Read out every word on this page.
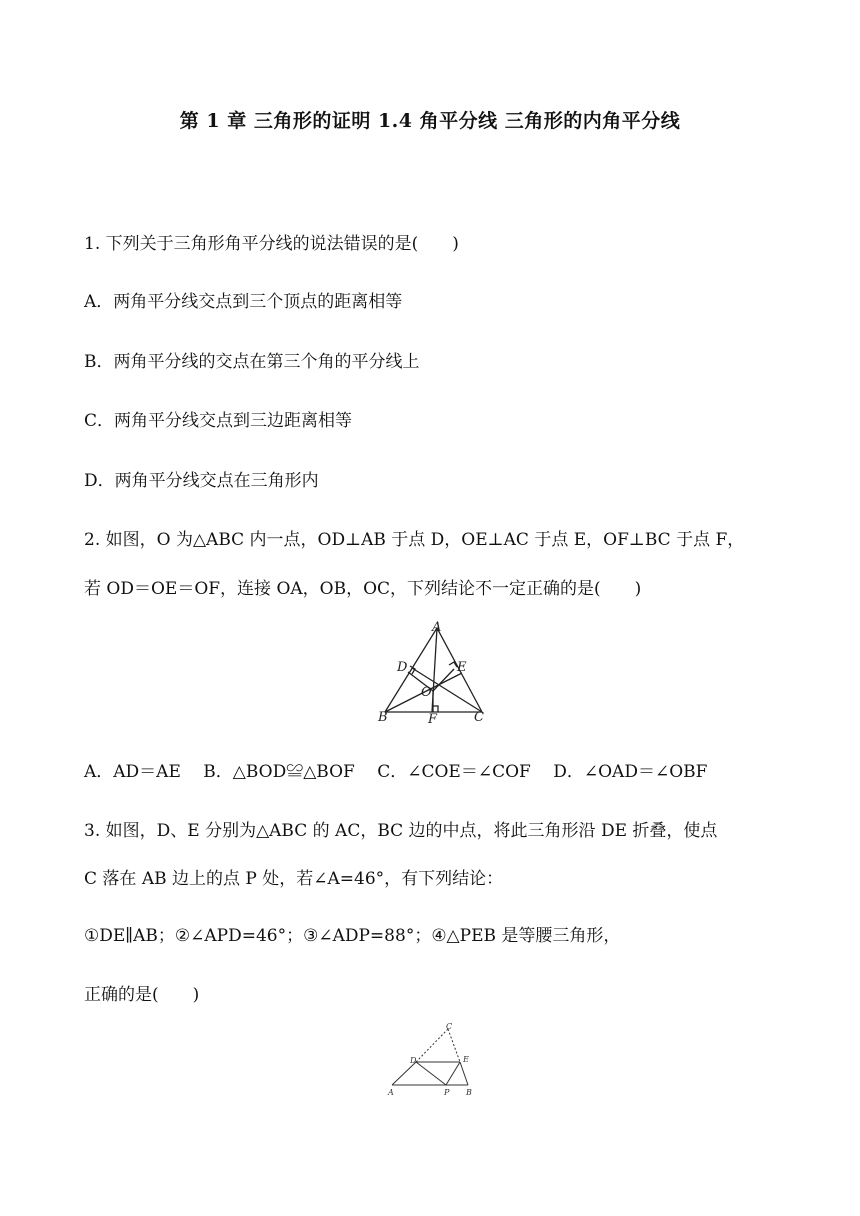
第 1 章 三角形的证明 1.4 角平分线 三角形的内角平分线
1. 下列关于三角形角平分线的说法错误的是(　　)
A．两角平分线交点到三个顶点的距离相等
B．两角平分线的交点在第三个角的平分线上
C．两角平分线交点到三边距离相等
D．两角平分线交点在三角形内
2. 如图，O 为△ABC 内一点，OD⊥AB 于点 D，OE⊥AC 于点 E，OF⊥BC 于点 F，
若 OD＝OE＝OF，连接 OA，OB，OC，下列结论不一定正确的是(　　)
A
B	C
D	E
F
O
A．AD＝AE　 B．△BOD≌△BOF　 C．∠COE＝∠COF　 D．∠OAD＝∠OBF
3. 如图，D、E 分别为△ABC 的 AC，BC 边的中点，将此三角形沿 DE 折叠，使点
C 落在 AB 边上的点 P 处，若∠A=46°，有下列结论：
①DE∥AB；②∠APD=46°；③∠ADP=88°；④△PEB 是等腰三角形，
正确的是(　　)
C
D	E
A	P B
